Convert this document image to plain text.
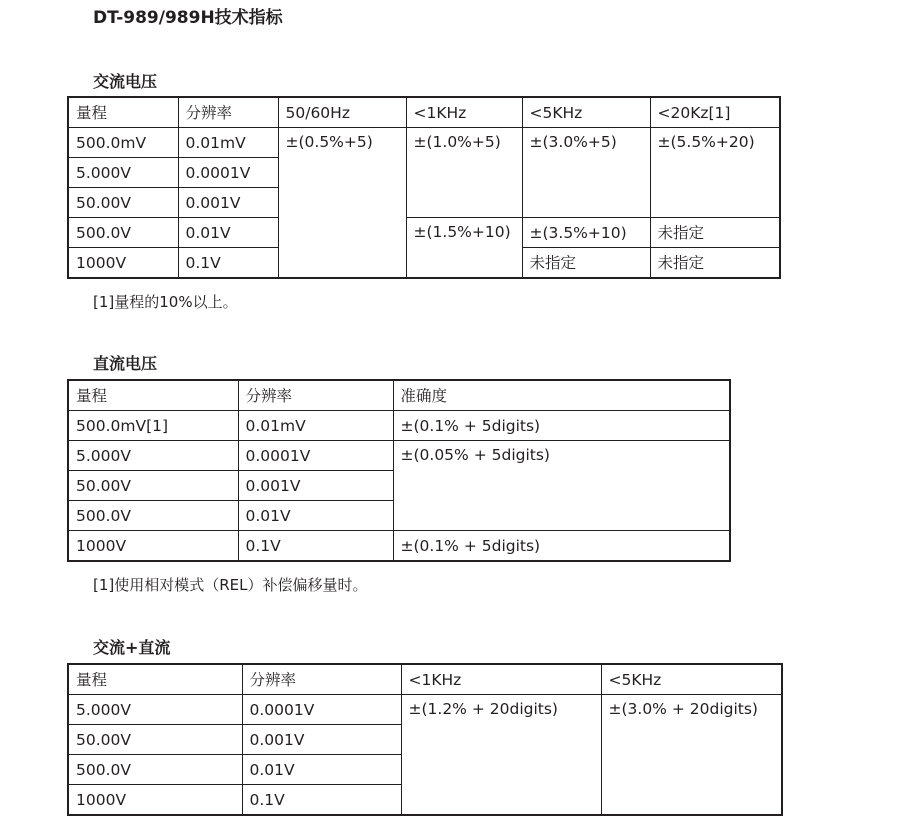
DT-989/989H技术指标
交流电压
量程	分辨率	50/60Hz	<1KHz	<5KHz	<20Kz[1]
500.0mV	0.01mV	±(0.5%+5)	±(1.0%+5)	±(3.0%+5)	±(5.5%+20)
5.000V	0.0001V				
50.00V	0.001V				
500.0V	0.01V		±(1.5%+10)	±(3.5%+10)	未指定
1000V	0.1V			未指定	未指定
[1]量程的10%以上。
直流电压
量程	分辨率	准确度
500.0mV[1]	0.01mV	±(0.1% + 5digits)
5.000V	0.0001V	±(0.05% + 5digits)
50.00V	0.001V	
500.0V	0.01V	
1000V	0.1V	±(0.1% + 5digits)
[1]使用相对模式（REL）补偿偏移量时。
交流+直流
量程	分辨率	<1KHz	<5KHz
5.000V	0.0001V	±(1.2% + 20digits)	±(3.0% + 20digits)
50.00V	0.001V		
500.0V	0.01V		
1000V	0.1V		
